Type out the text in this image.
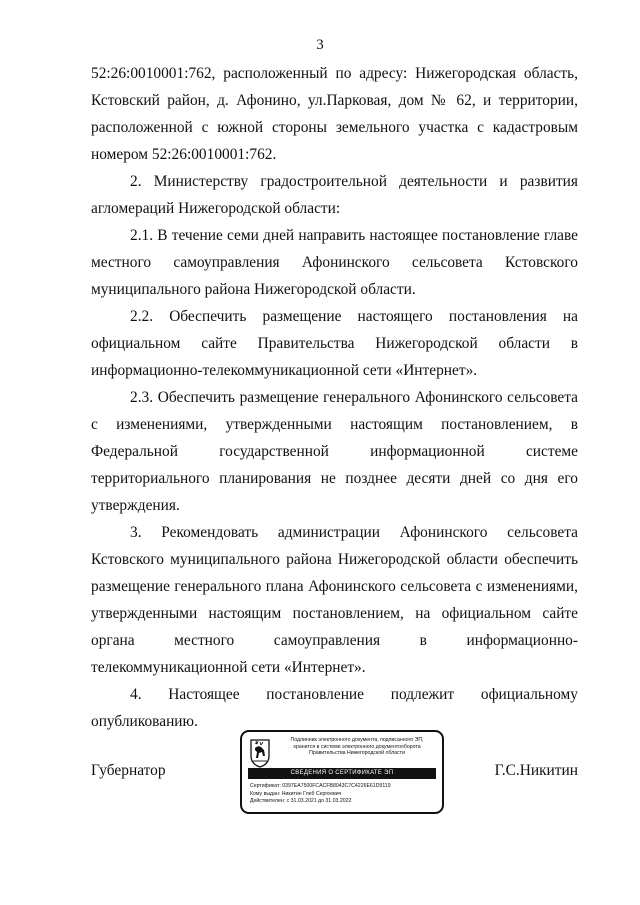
3

52:26:0010001:762, расположенный по адресу: Нижегородская область, Кстовский район, д. Афонино, ул.Парковая, дом № 62, и территории, расположенной с южной стороны земельного участка с кадастровым номером 52:26:0010001:762.

2. Министерству градостроительной деятельности и развития агломераций Нижегородской области:

2.1. В течение семи дней направить настоящее постановление главе местного самоуправления Афонинского сельсовета Кстовского муниципального района Нижегородской области.

2.2. Обеспечить размещение настоящего постановления на официальном сайте Правительства Нижегородской области в информационно-телекоммуникационной сети «Интернет».

2.3. Обеспечить размещение генерального Афонинского сельсовета с изменениями, утвержденными настоящим постановлением, в Федеральной государственной информационной системе территориального планирования не позднее десяти дней со дня его утверждения.

3. Рекомендовать администрации Афонинского сельсовета Кстовского муниципального района Нижегородской области обеспечить размещение генерального плана Афонинского сельсовета с изменениями, утвержденными настоящим постановлением, на официальном сайте органа местного самоуправления в информационно-телекоммуникационной сети «Интернет».

4. Настоящее постановление подлежит официальному опубликованию.

Губернатор	Г.С.Никитин
Подлинник электронного документа, подписанного ЭП,
хранится в системе электронного документооборота
Правительства Нижегородской области
СВЕДЕНИЯ О СЕРТИФИКАТЕ ЭП
Сертификат: 0397EA7500FCACFB8043C7C4226E61D9119
Кому выдан: Никитин Глеб Сергеевич
Действителен: с 31.03.2021 до 31.03.2022
